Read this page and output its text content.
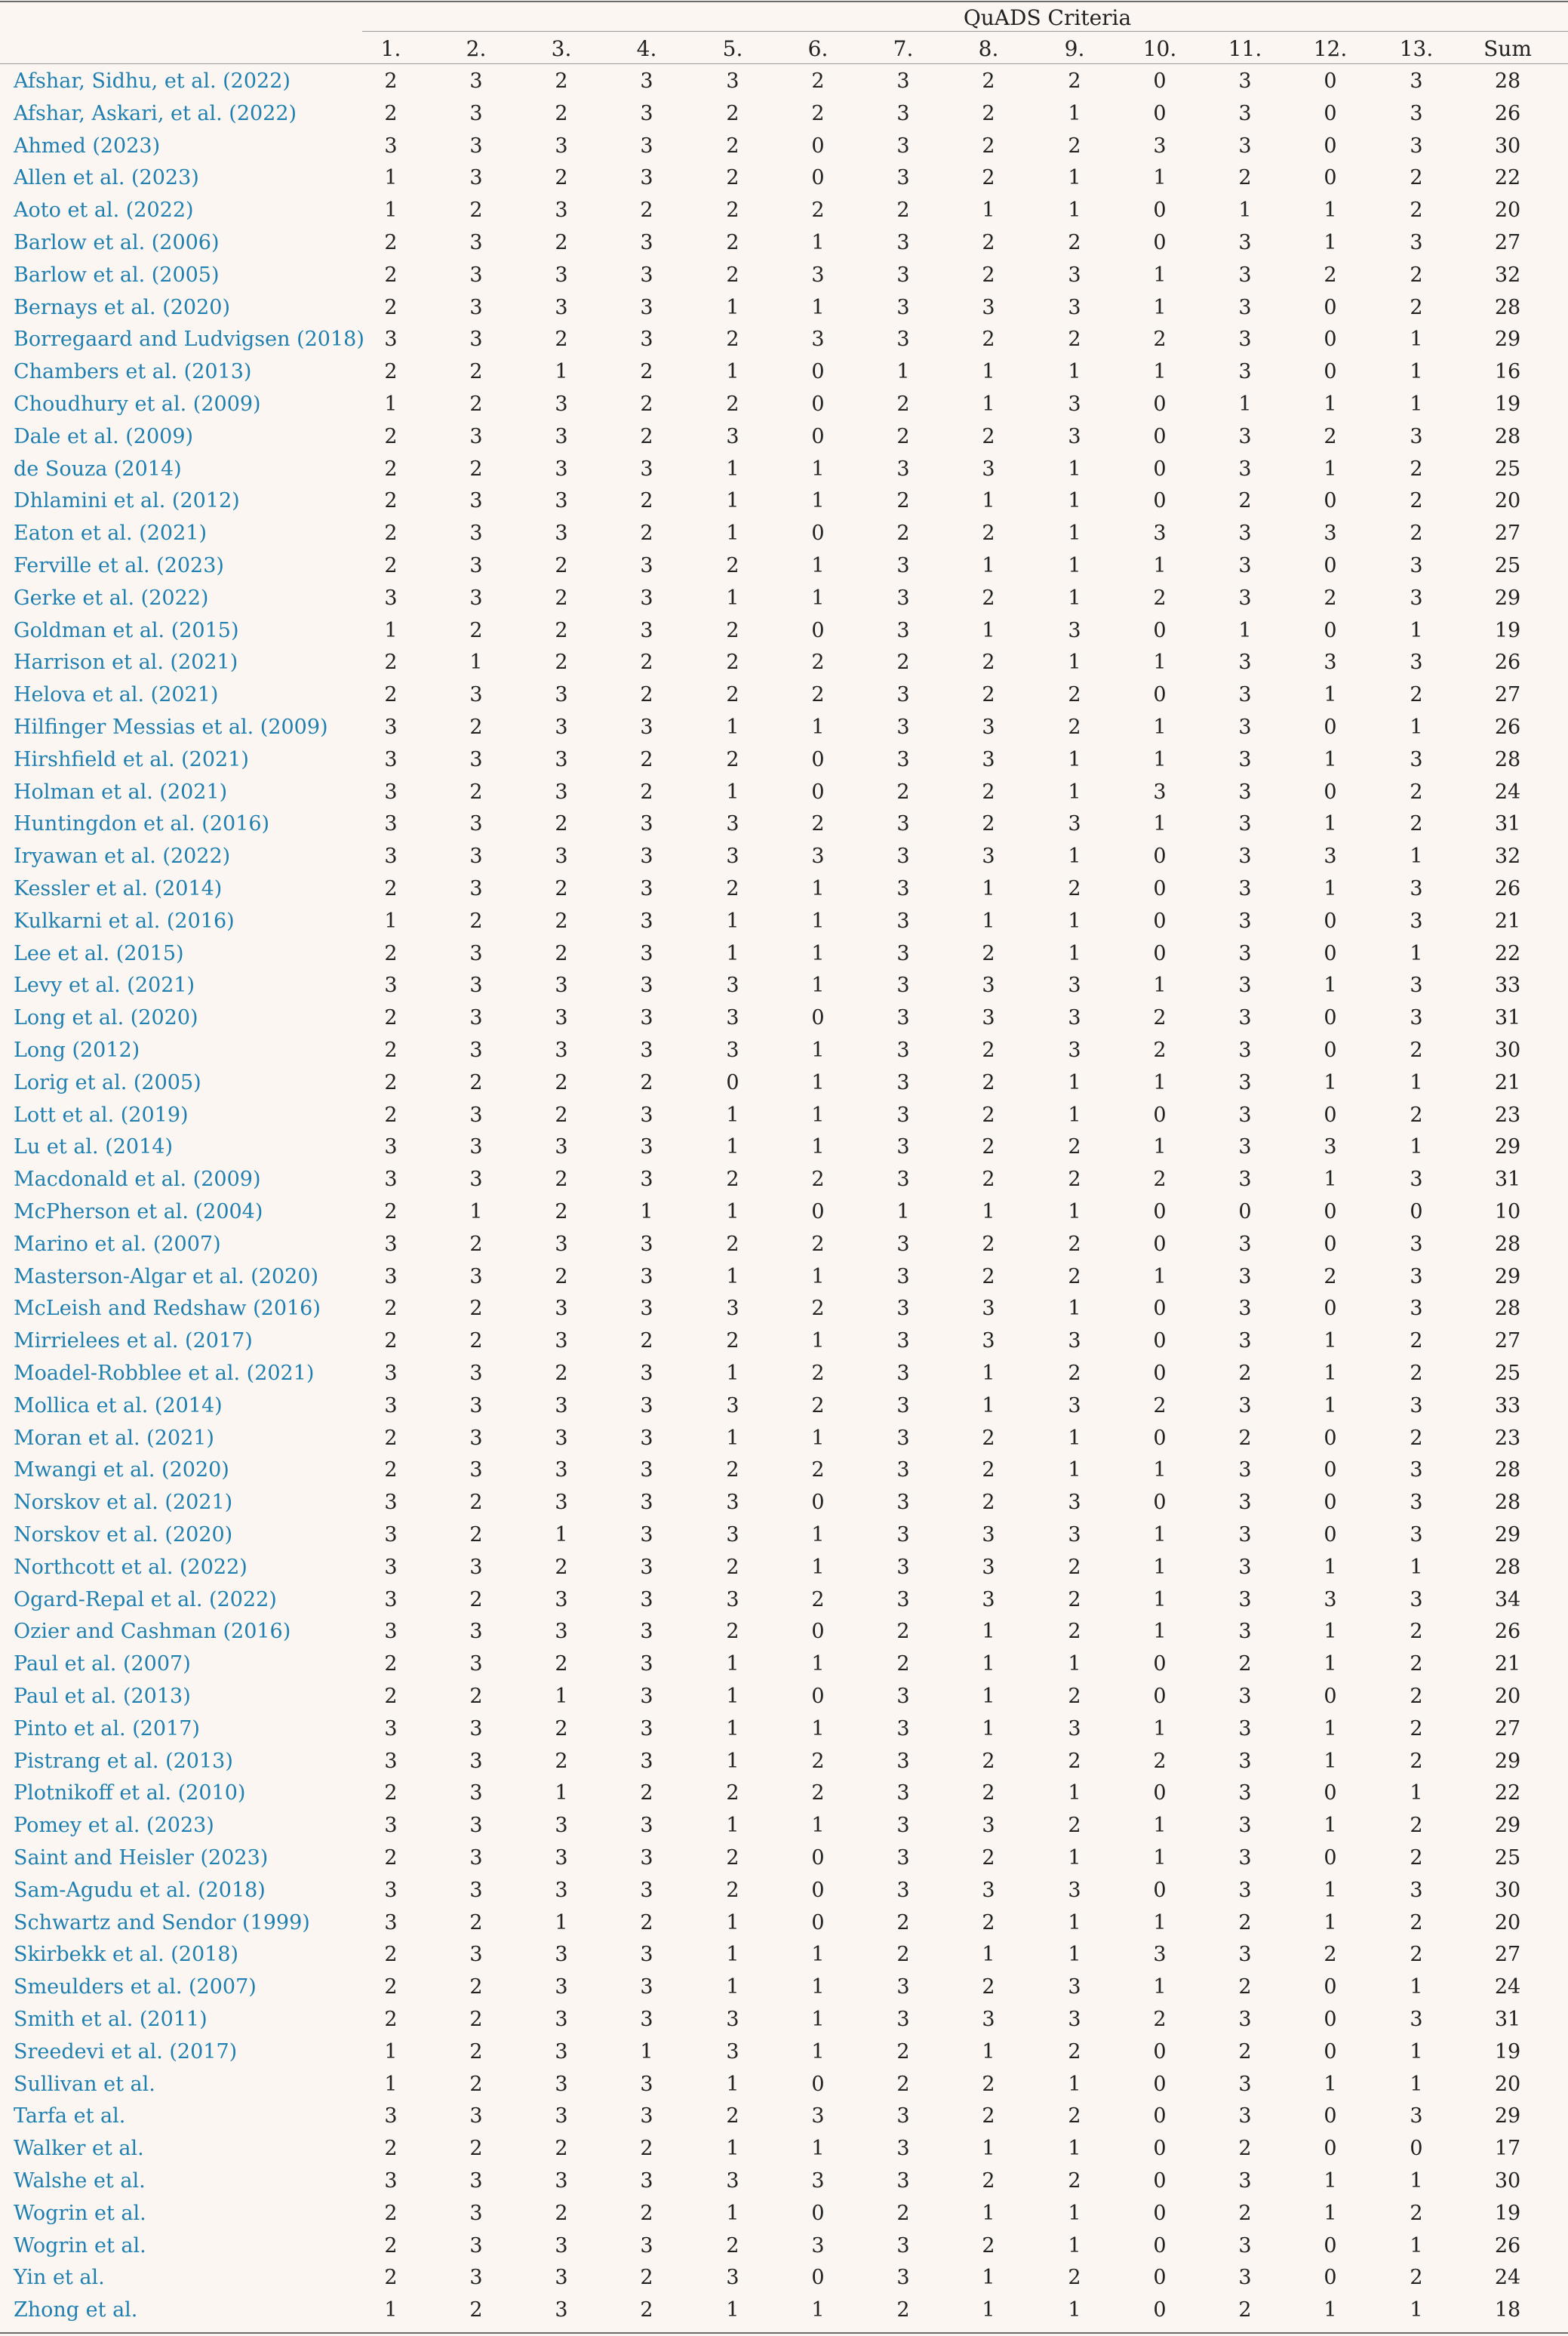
QuADS Criteria
1.	2.	3.	4.	5.	6.	7.	8.	9.	10.	11.	12.	13.	Sum
Afshar, Sidhu, et al. (2022)	2	3	2	3	3	2	3	2	2	0	3	0	3	28
Afshar, Askari, et al. (2022)	2	3	2	3	2	2	3	2	1	0	3	0	3	26
Ahmed (2023)	3	3	3	3	2	0	3	2	2	3	3	0	3	30
Allen et al. (2023)	1	3	2	3	2	0	3	2	1	1	2	0	2	22
Aoto et al. (2022)	1	2	3	2	2	2	2	1	1	0	1	1	2	20
Barlow et al. (2006)	2	3	2	3	2	1	3	2	2	0	3	1	3	27
Barlow et al. (2005)	2	3	3	3	2	3	3	2	3	1	3	2	2	32
Bernays et al. (2020)	2	3	3	3	1	1	3	3	3	1	3	0	2	28
Borregaard and Ludvigsen (2018) 3	3	2	3	2	3	3	2	2	2	3	0	1	29
Chambers et al. (2013)	2	2	1	2	1	0	1	1	1	1	3	0	1	16
Choudhury et al. (2009)	1	2	3	2	2	0	2	1	3	0	1	1	1	19
Dale et al. (2009)	2	3	3	2	3	0	2	2	3	0	3	2	3	28
de Souza (2014)	2	2	3	3	1	1	3	3	1	0	3	1	2	25
Dhlamini et al. (2012)	2	3	3	2	1	1	2	1	1	0	2	0	2	20
Eaton et al. (2021)	2	3	3	2	1	0	2	2	1	3	3	3	2	27
Ferville et al. (2023)	2	3	2	3	2	1	3	1	1	1	3	0	3	25
Gerke et al. (2022)	3	3	2	3	1	1	3	2	1	2	3	2	3	29
Goldman et al. (2015)	1	2	2	3	2	0	3	1	3	0	1	0	1	19
Harrison et al. (2021)	2	1	2	2	2	2	2	2	1	1	3	3	3	26
Helova et al. (2021)	2	3	3	2	2	2	3	2	2	0	3	1	2	27
Hilfinger Messias et al. (2009)	3	2	3	3	1	1	3	3	2	1	3	0	1	26
Hirshfield et al. (2021)	3	3	3	2	2	0	3	3	1	1	3	1	3	28
Holman et al. (2021)	3	2	3	2	1	0	2	2	1	3	3	0	2	24
Huntingdon et al. (2016)	3	3	2	3	3	2	3	2	3	1	3	1	2	31
Iryawan et al. (2022)	3	3	3	3	3	3	3	3	1	0	3	3	1	32
Kessler et al. (2014)	2	3	2	3	2	1	3	1	2	0	3	1	3	26
Kulkarni et al. (2016)	1	2	2	3	1	1	3	1	1	0	3	0	3	21
Lee et al. (2015)	2	3	2	3	1	1	3	2	1	0	3	0	1	22
Levy et al. (2021)	3	3	3	3	3	1	3	3	3	1	3	1	3	33
Long et al. (2020)	2	3	3	3	3	0	3	3	3	2	3	0	3	31
Long (2012)	2	3	3	3	3	1	3	2	3	2	3	0	2	30
Lorig et al. (2005)	2	2	2	2	0	1	3	2	1	1	3	1	1	21
Lott et al. (2019)	2	3	2	3	1	1	3	2	1	0	3	0	2	23
Lu et al. (2014)	3	3	3	3	1	1	3	2	2	1	3	3	1	29
Macdonald et al. (2009)	3	3	2	3	2	2	3	2	2	2	3	1	3	31
McPherson et al. (2004)	2	1	2	1	1	0	1	1	1	0	0	0	0	10
Marino et al. (2007)	3	2	3	3	2	2	3	2	2	0	3	0	3	28
Masterson-Algar et al. (2020)	3	3	2	3	1	1	3	2	2	1	3	2	3	29
McLeish and Redshaw (2016)	2	2	3	3	3	2	3	3	1	0	3	0	3	28
Mirrielees et al. (2017)	2	2	3	2	2	1	3	3	3	0	3	1	2	27
Moadel-Robblee et al. (2021)	3	3	2	3	1	2	3	1	2	0	2	1	2	25
Mollica et al. (2014)	3	3	3	3	3	2	3	1	3	2	3	1	3	33
Moran et al. (2021)	2	3	3	3	1	1	3	2	1	0	2	0	2	23
Mwangi et al. (2020)	2	3	3	3	2	2	3	2	1	1	3	0	3	28
Norskov et al. (2021)	3	2	3	3	3	0	3	2	3	0	3	0	3	28
Norskov et al. (2020)	3	2	1	3	3	1	3	3	3	1	3	0	3	29
Northcott et al. (2022)	3	3	2	3	2	1	3	3	2	1	3	1	1	28
Ogard-Repal et al. (2022)	3	2	3	3	3	2	3	3	2	1	3	3	3	34
Ozier and Cashman (2016)	3	3	3	3	2	0	2	1	2	1	3	1	2	26
Paul et al. (2007)	2	3	2	3	1	1	2	1	1	0	2	1	2	21
Paul et al. (2013)	2	2	1	3	1	0	3	1	2	0	3	0	2	20
Pinto et al. (2017)	3	3	2	3	1	1	3	1	3	1	3	1	2	27
Pistrang et al. (2013)	3	3	2	3	1	2	3	2	2	2	3	1	2	29
Plotnikoff et al. (2010)	2	3	1	2	2	2	3	2	1	0	3	0	1	22
Pomey et al. (2023)	3	3	3	3	1	1	3	3	2	1	3	1	2	29
Saint and Heisler (2023)	2	3	3	3	2	0	3	2	1	1	3	0	2	25
Sam-Agudu et al. (2018)	3	3	3	3	2	0	3	3	3	0	3	1	3	30
Schwartz and Sendor (1999)	3	2	1	2	1	0	2	2	1	1	2	1	2	20
Skirbekk et al. (2018)	2	3	3	3	1	1	2	1	1	3	3	2	2	27
Smeulders et al. (2007)	2	2	3	3	1	1	3	2	3	1	2	0	1	24
Smith et al. (2011)	2	2	3	3	3	1	3	3	3	2	3	0	3	31
Sreedevi et al. (2017)	1	2	3	1	3	1	2	1	2	0	2	0	1	19
Sullivan et al.	1	2	3	3	1	0	2	2	1	0	3	1	1	20
Tarfa et al.	3	3	3	3	2	3	3	2	2	0	3	0	3	29
Walker et al.	2	2	2	2	1	1	3	1	1	0	2	0	0	17
Walshe et al.	3	3	3	3	3	3	3	2	2	0	3	1	1	30
Wogrin et al.	2	3	2	2	1	0	2	1	1	0	2	1	2	19
Wogrin et al.	2	3	3	3	2	3	3	2	1	0	3	0	1	26
Yin et al.	2	3	3	2	3	0	3	1	2	0	3	0	2	24
Zhong et al.	1	2	3	2	1	1	2	1	1	0	2	1	1	18
